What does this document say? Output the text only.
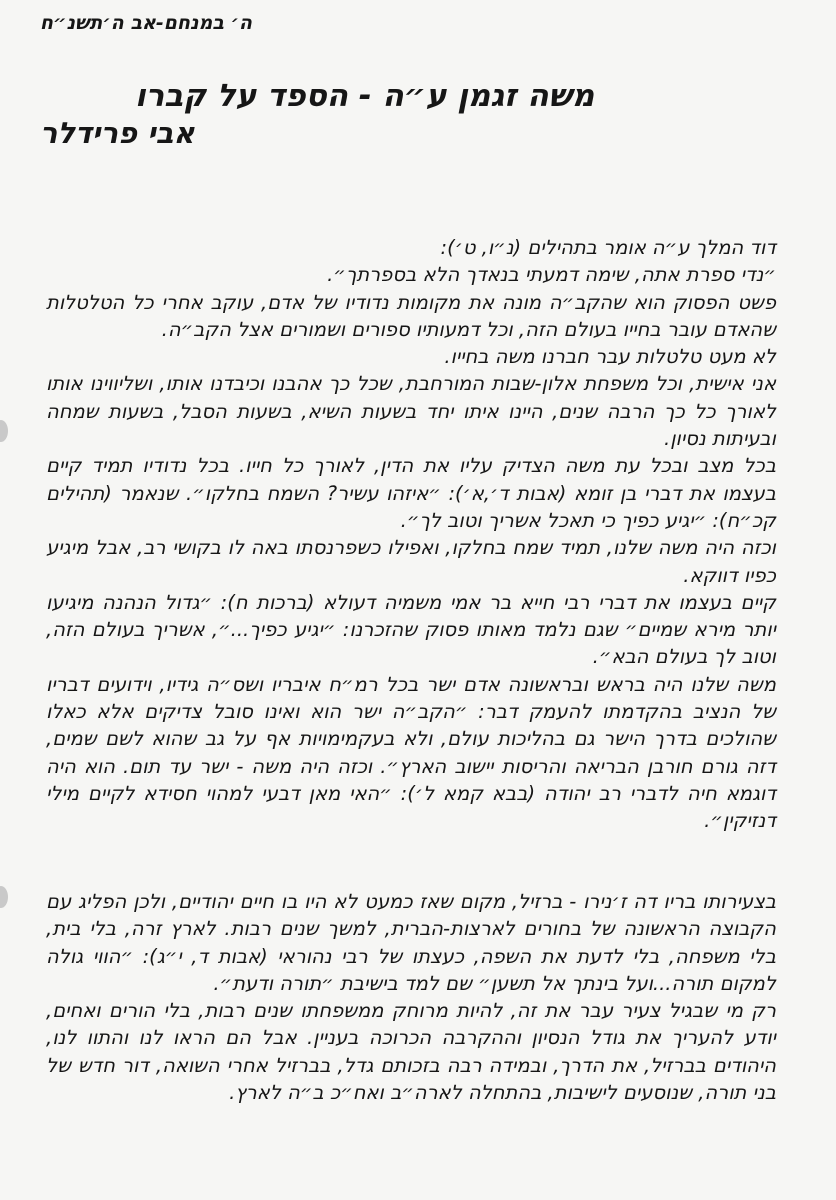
ה׳ במנחם-אב ה׳תשנ״ח
משה זגמן ע״ה - הספד על קברו
אבי פרידלר

דוד המלך ע״ה אומר בתהילים (נ״ו, ט׳):

״נדי ספרת אתה, שימה דמעתי בנאדך הלא בספרתך״.

פשט הפסוק הוא שהקב״ה מונה את מקומות נדודיו של אדם, עוקב אחרי כל הטלטלות שהאדם עובר בחייו בעולם הזה, וכל דמעותיו ספורים ושמורים אצל הקב״ה.

לא מעט טלטלות עבר חברנו משה בחייו.

אני אישית, וכל משפחת אלון-שבות המורחבת, שכל כך אהבנו וכיבדנו אותו, ושליווינו אותו לאורך כל כך הרבה שנים, היינו איתו יחד בשעות השיא, בשעות הסבל, בשעות שמחה ובעיתות נסיון.

בכל מצב ובכל עת משה הצדיק עליו את הדין, לאורך כל חייו. בכל נדודיו תמיד קיים בעצמו את דברי בן זומא (אבות ד׳,א׳): ״איזהו עשיר? השמח בחלקו״. שנאמר (תהילים קכ״ח): ״יגיע כפיך כי תאכל אשריך וטוב לך״.

וכזה היה משה שלנו, תמיד שמח בחלקו, ואפילו כשפרנסתו באה לו בקושי רב, אבל מיגיע כפיו דווקא.

קיים בעצמו את דברי רבי חייא בר אמי משמיה דעולא (ברכות ח): ״גדול הנהנה מיגיעו יותר מירא שמיים״ שגם נלמד מאותו פסוק שהזכרנו: ״יגיע כפיך...״, אשריך בעולם הזה, וטוב לך בעולם הבא״.

משה שלנו היה בראש ובראשונה אדם ישר בכל רמ״ח איבריו ושס״ה גידיו, וידועים דבריו של הנציב בהקדמתו להעמק דבר: ״הקב״ה ישר הוא ואינו סובל צדיקים אלא כאלו שהולכים בדרך הישר גם בהליכות עולם, ולא בעקמימויות אף על גב שהוא לשם שמים, דזה גורם חורבן הבריאה והריסות יישוב הארץ״. וכזה היה משה - ישר עד תום. הוא היה דוגמא חיה לדברי רב יהודה (בבא קמא ל׳): ״האי מאן דבעי למהוי חסידא לקיים מילי דנזיקין״.

בצעירותו בריו דה ז׳נירו - ברזיל, מקום שאז כמעט לא היו בו חיים יהודיים, ולכן הפליג עם הקבוצה הראשונה של בחורים לארצות-הברית, למשך שנים רבות. לארץ זרה, בלי בית, בלי משפחה, בלי לדעת את השפה, כעצתו של רבי נהוראי (אבות ד, י״ג): ״הווי גולה למקום תורה...ועל בינתך אל תשען״ שם למד בישיבת ״תורה ודעת״.

רק מי שבגיל צעיר עבר את זה, להיות מרוחק ממשפחתו שנים רבות, בלי הורים ואחים, יודע להעריך את גודל הנסיון וההקרבה הכרוכה בעניין. אבל הם הראו לנו והתוו לנו, היהודים בברזיל, את הדרך, ובמידה רבה בזכותם גדל, בברזיל אחרי השואה, דור חדש של בני תורה, שנוסעים לישיבות, בהתחלה לארה״ב ואח״כ ב״ה לארץ.
